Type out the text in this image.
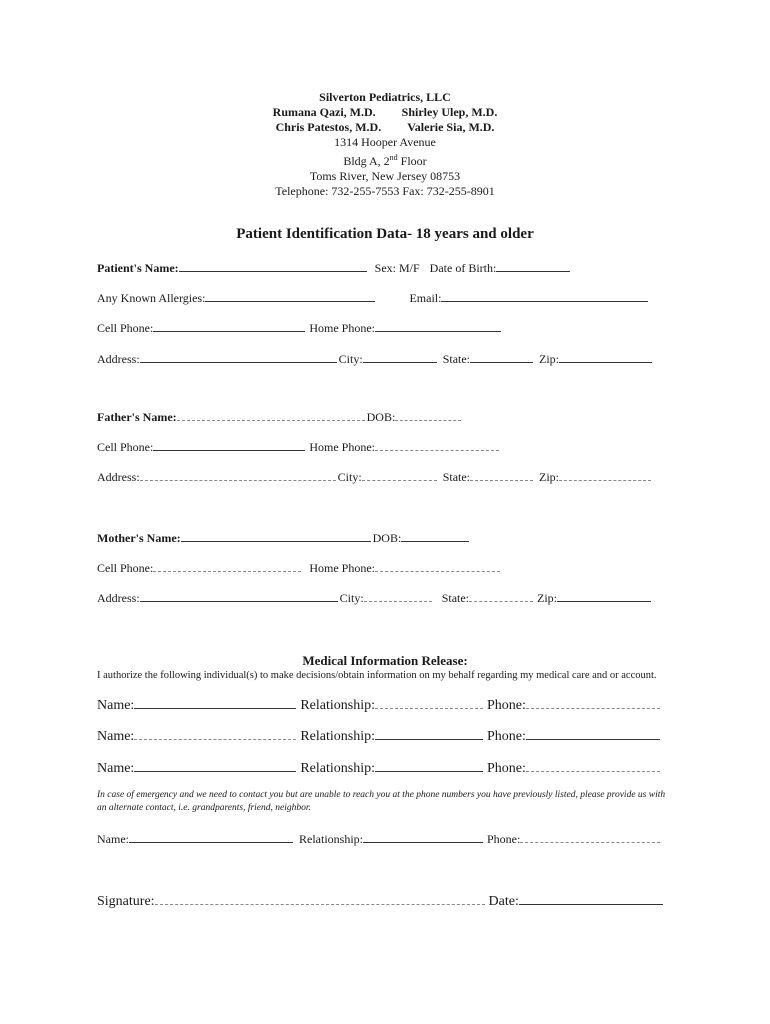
Silverton Pediatrics, LLC
Rumana Qazi, M.D. Shirley Ulep, M.D.
Chris Patestos, M.D. Valerie Sia, M.D.
1314 Hooper Avenue
Bldg A, 2nd Floor
Toms River, New Jersey 08753
Telephone: 732-255-7553 Fax: 732-255-8901
Patient Identification Data- 18 years and older
Patient's Name:	Sex: M/F Date of Birth:
Any Known Allergies:	Email:
Cell Phone:	Home Phone:
Address:	City:	State:	Zip:
Father's Name:	DOB:
Cell Phone:	Home Phone:
Address:	City:	State:	Zip:
Mother's Name:	DOB:
Cell Phone:	Home Phone:
Address:	City:	State:	Zip:
Medical Information Release:
I authorize the following individual(s) to make decisions/obtain information on my behalf regarding my medical care and or account.
Name:	Relationship:	Phone:
Name:	Relationship:	Phone:
Name:	Relationship:	Phone:
In case of emergency and we need to contact you but are unable to reach you at the phone numbers you have previously listed, please provide us with an alternate contact, i.e. grandparents, friend, neighbor.
Name:	Relationship:	Phone:
Signature:	Date:
